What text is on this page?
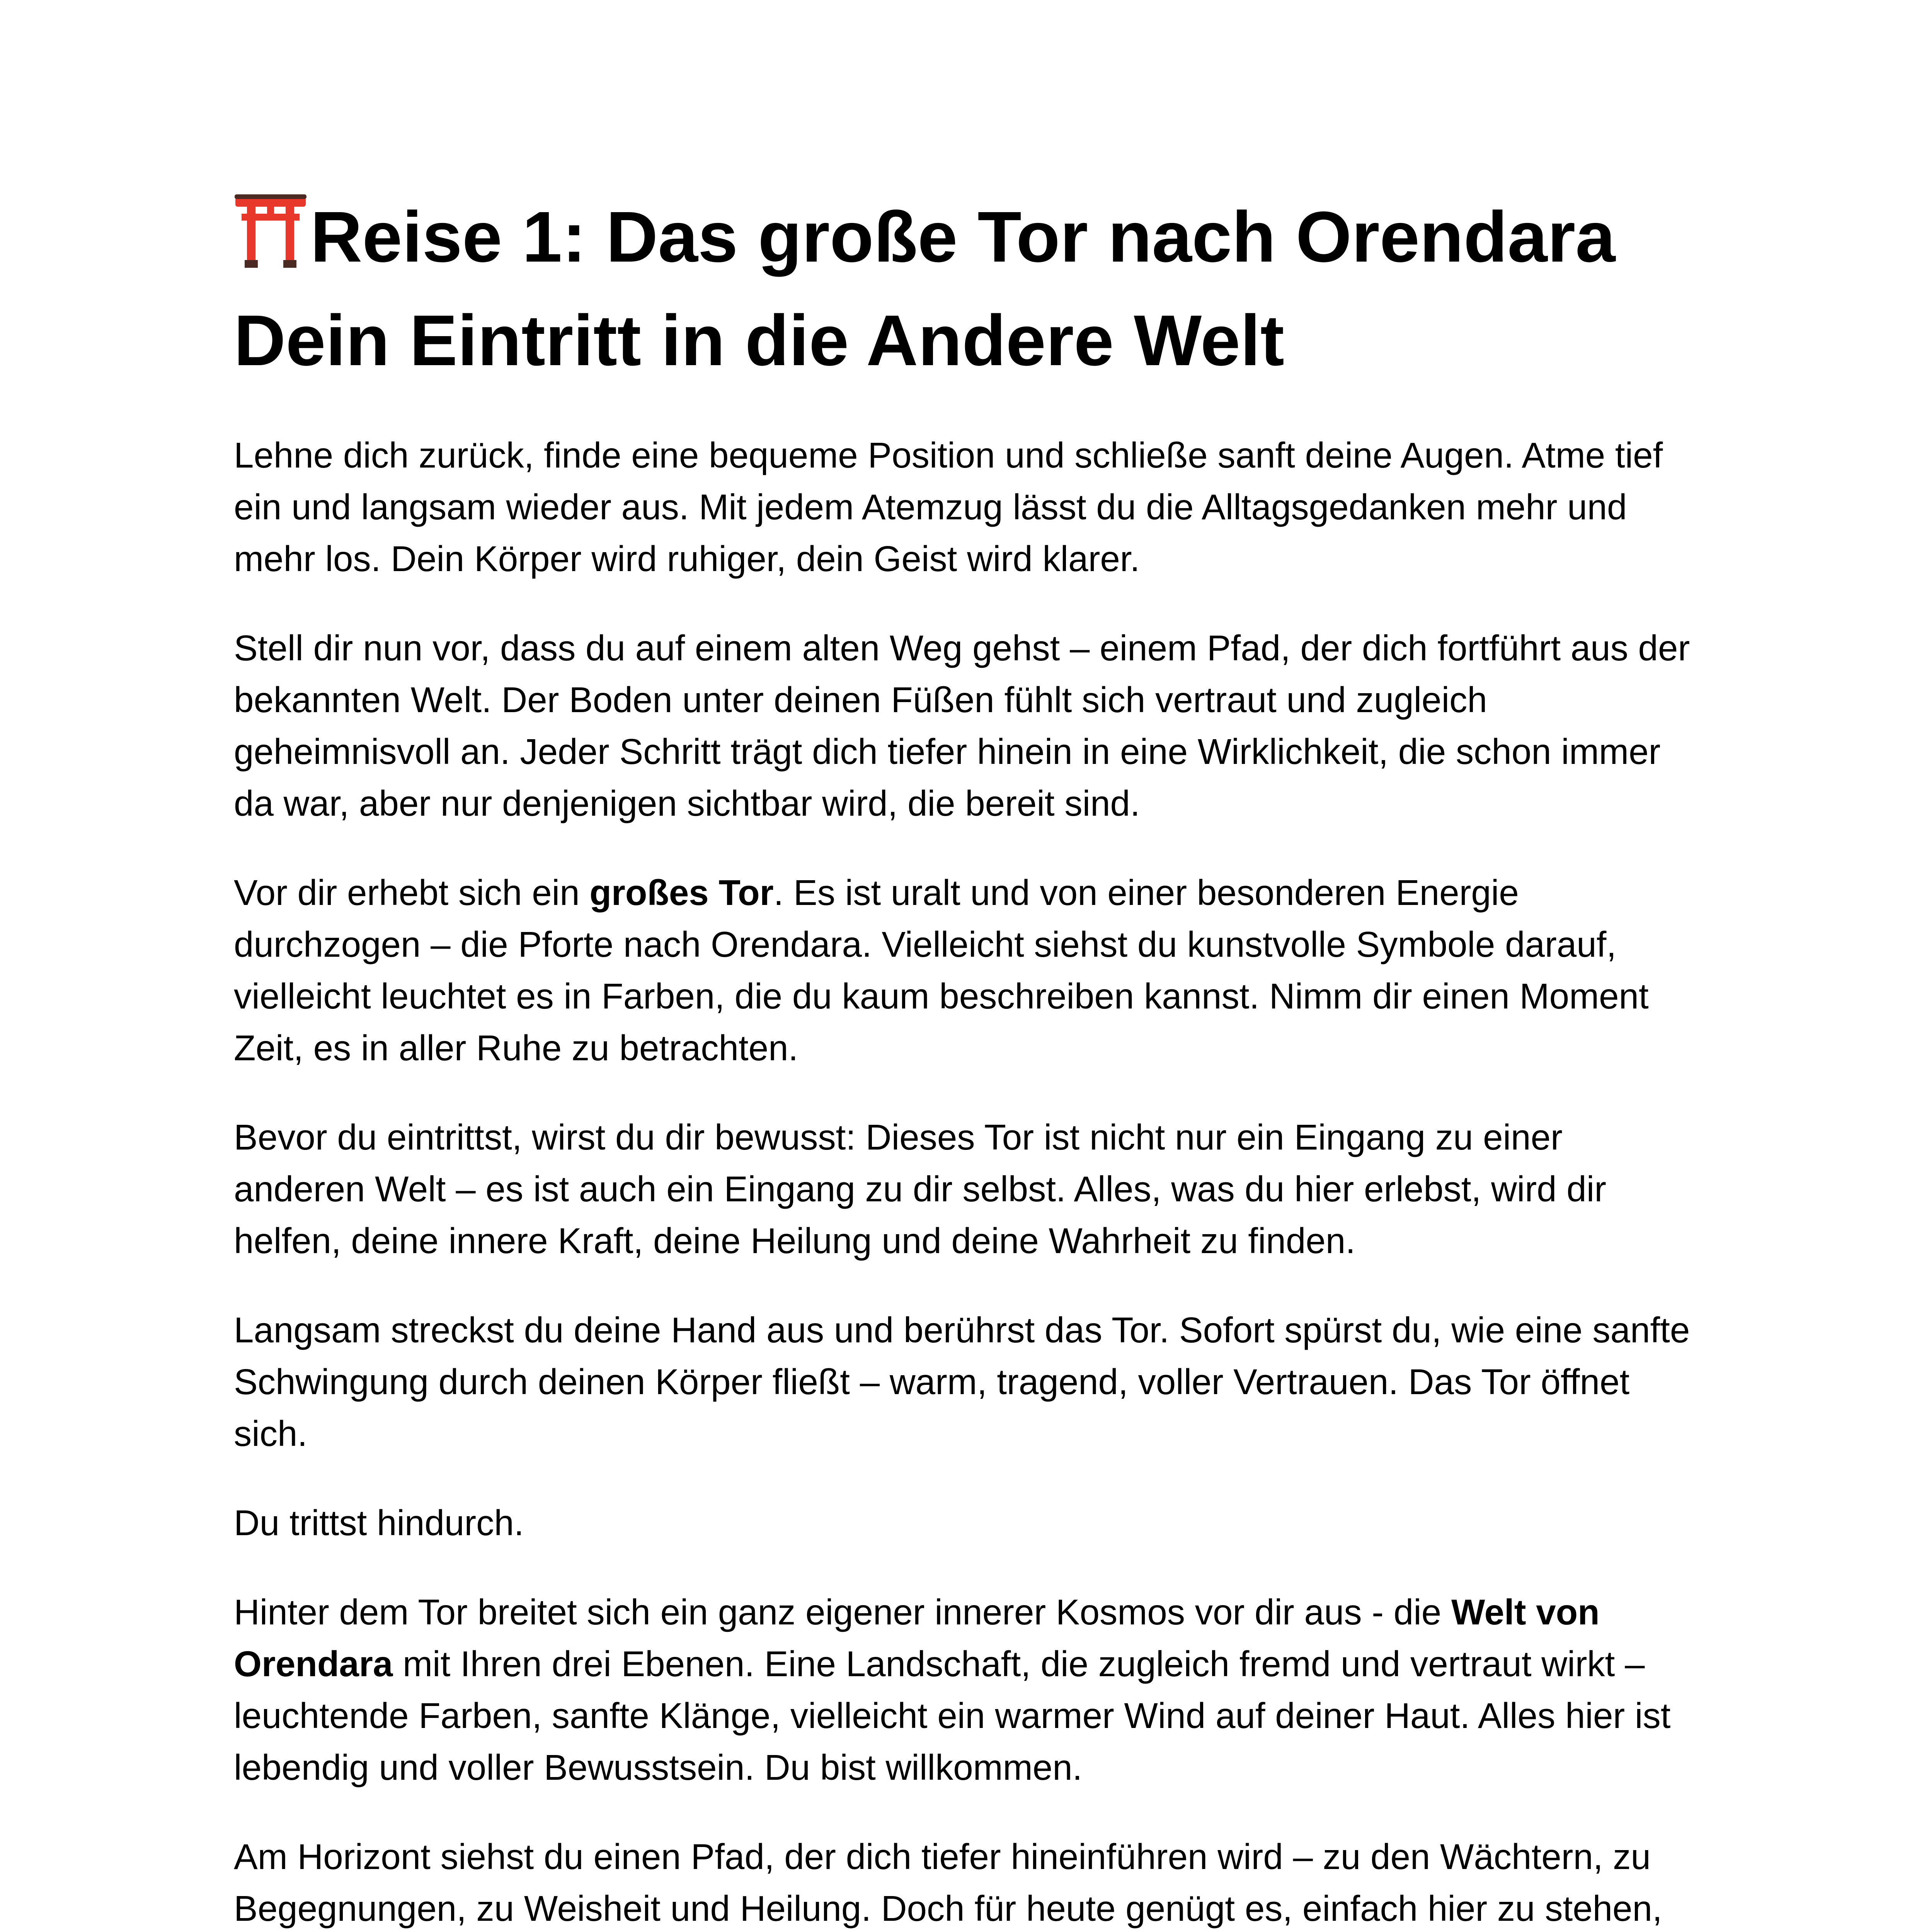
Reise 1: Das große Tor nach Orendara
Dein Eintritt in die Andere Welt

Lehne dich zurück, finde eine bequeme Position und schließe sanft deine Augen. Atme tief ein und langsam wieder aus. Mit jedem Atemzug lässt du die Alltagsgedanken mehr und mehr los. Dein Körper wird ruhiger, dein Geist wird klarer.

Stell dir nun vor, dass du auf einem alten Weg gehst – einem Pfad, der dich fortführt aus der bekannten Welt. Der Boden unter deinen Füßen fühlt sich vertraut und zugleich geheimnisvoll an. Jeder Schritt trägt dich tiefer hinein in eine Wirklichkeit, die schon immer da war, aber nur denjenigen sichtbar wird, die bereit sind.

Vor dir erhebt sich ein großes Tor. Es ist uralt und von einer besonderen Energie durchzogen – die Pforte nach Orendara. Vielleicht siehst du kunstvolle Symbole darauf, vielleicht leuchtet es in Farben, die du kaum beschreiben kannst. Nimm dir einen Moment Zeit, es in aller Ruhe zu betrachten.

Bevor du eintrittst, wirst du dir bewusst: Dieses Tor ist nicht nur ein Eingang zu einer anderen Welt – es ist auch ein Eingang zu dir selbst. Alles, was du hier erlebst, wird dir helfen, deine innere Kraft, deine Heilung und deine Wahrheit zu finden.

Langsam streckst du deine Hand aus und berührst das Tor. Sofort spürst du, wie eine sanfte Schwingung durch deinen Körper fließt – warm, tragend, voller Vertrauen. Das Tor öffnet sich.

Du trittst hindurch.

Hinter dem Tor breitet sich ein ganz eigener innerer Kosmos vor dir aus - die Welt von Orendara mit Ihren drei Ebenen. Eine Landschaft, die zugleich fremd und vertraut wirkt – leuchtende Farben, sanfte Klänge, vielleicht ein warmer Wind auf deiner Haut. Alles hier ist lebendig und voller Bewusstsein. Du bist willkommen.

Am Horizont siehst du einen Pfad, der dich tiefer hineinführen wird – zu den Wächtern, zu Begegnungen, zu Weisheit und Heilung. Doch für heute genügt es, einfach hier zu stehen,
